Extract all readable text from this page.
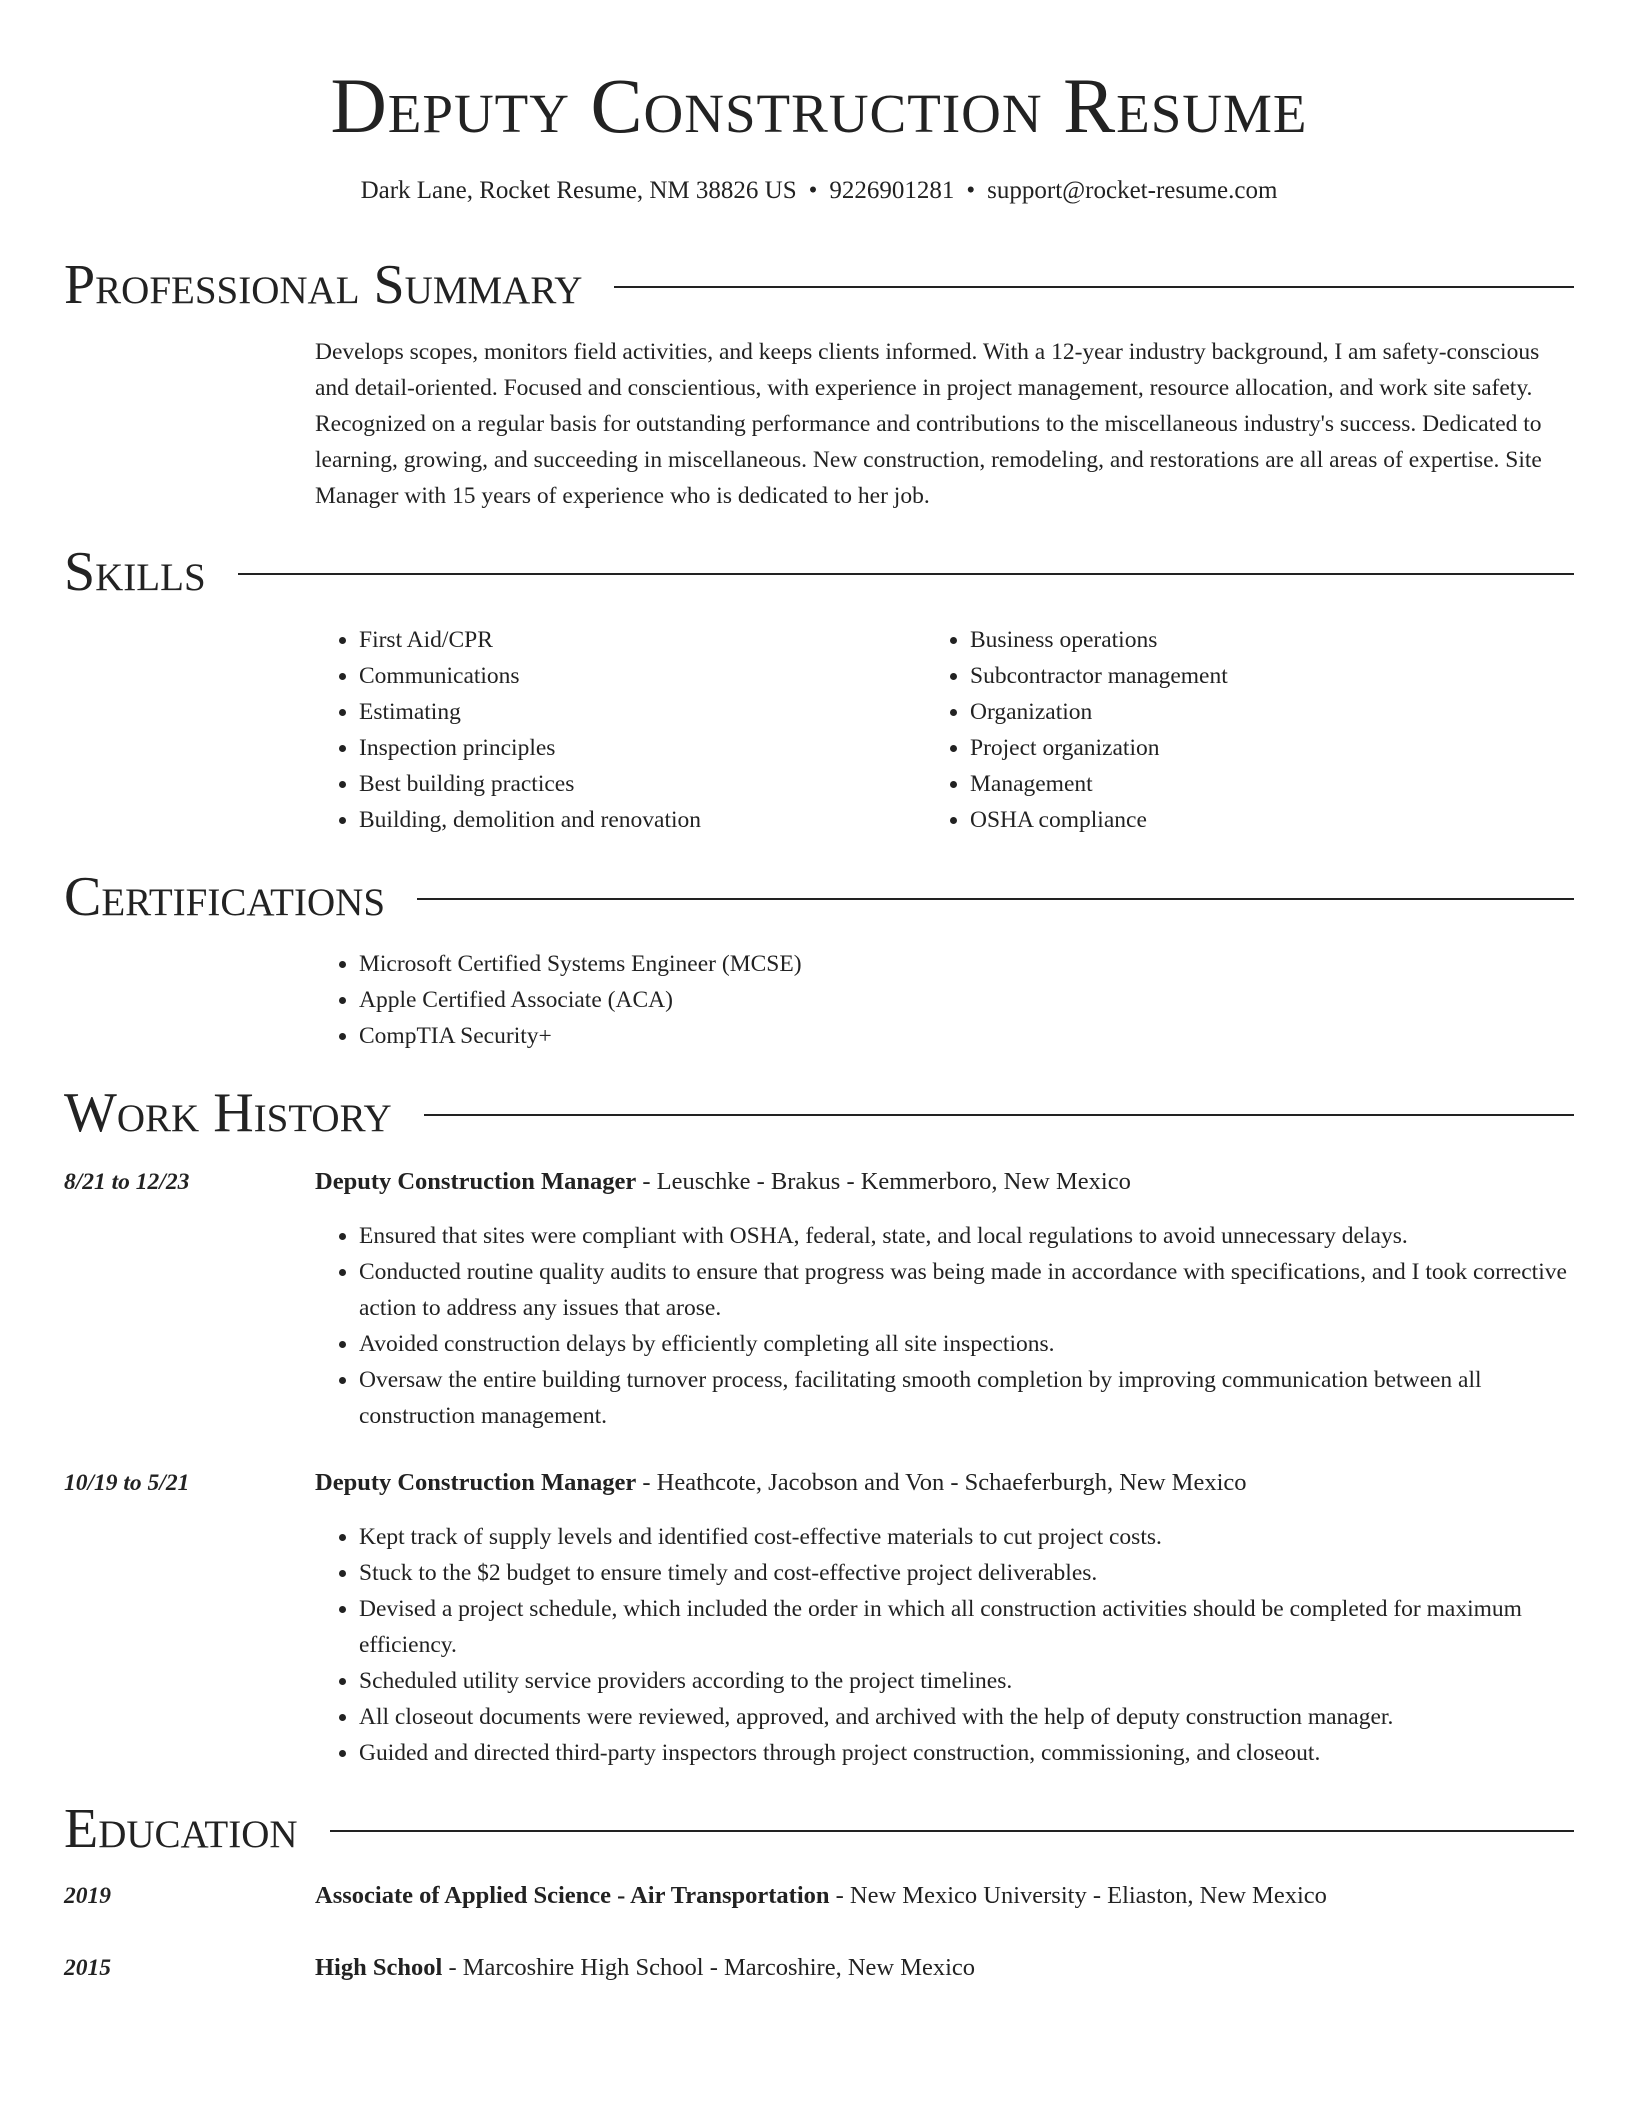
Deputy Construction Resume
Dark Lane, Rocket Resume, NM 38826 US • 9226901281 • support@rocket-resume.com
Professional Summary
Develops scopes, monitors field activities, and keeps clients informed. With a 12-year industry background, I am safety-conscious and detail-oriented. Focused and conscientious, with experience in project management, resource allocation, and work site safety. Recognized on a regular basis for outstanding performance and contributions to the miscellaneous industry's success. Dedicated to learning, growing, and succeeding in miscellaneous. New construction, remodeling, and restorations are all areas of expertise. Site Manager with 15 years of experience who is dedicated to her job.
Skills
• First Aid/CPR
• Communications
• Estimating
• Inspection principles
• Best building practices
• Building, demolition and renovation
• Business operations
• Subcontractor management
• Organization
• Project organization
• Management
• OSHA compliance
Certifications
• Microsoft Certified Systems Engineer (MCSE)
• Apple Certified Associate (ACA)
• CompTIA Security+
Work History
8/21 to 12/23	Deputy Construction Manager - Leuschke - Brakus - Kemmerboro, New Mexico
• Ensured that sites were compliant with OSHA, federal, state, and local regulations to avoid unnecessary delays.
• Conducted routine quality audits to ensure that progress was being made in accordance with specifications, and I took corrective action to address any issues that arose.
• Avoided construction delays by efficiently completing all site inspections.
• Oversaw the entire building turnover process, facilitating smooth completion by improving communication between all construction management.
10/19 to 5/21	Deputy Construction Manager - Heathcote, Jacobson and Von - Schaeferburgh, New Mexico
• Kept track of supply levels and identified cost-effective materials to cut project costs.
• Stuck to the $2 budget to ensure timely and cost-effective project deliverables.
• Devised a project schedule, which included the order in which all construction activities should be completed for maximum efficiency.
• Scheduled utility service providers according to the project timelines.
• All closeout documents were reviewed, approved, and archived with the help of deputy construction manager.
• Guided and directed third-party inspectors through project construction, commissioning, and closeout.
Education
2019	Associate of Applied Science - Air Transportation - New Mexico University - Eliaston, New Mexico
2015	High School - Marcoshire High School - Marcoshire, New Mexico
